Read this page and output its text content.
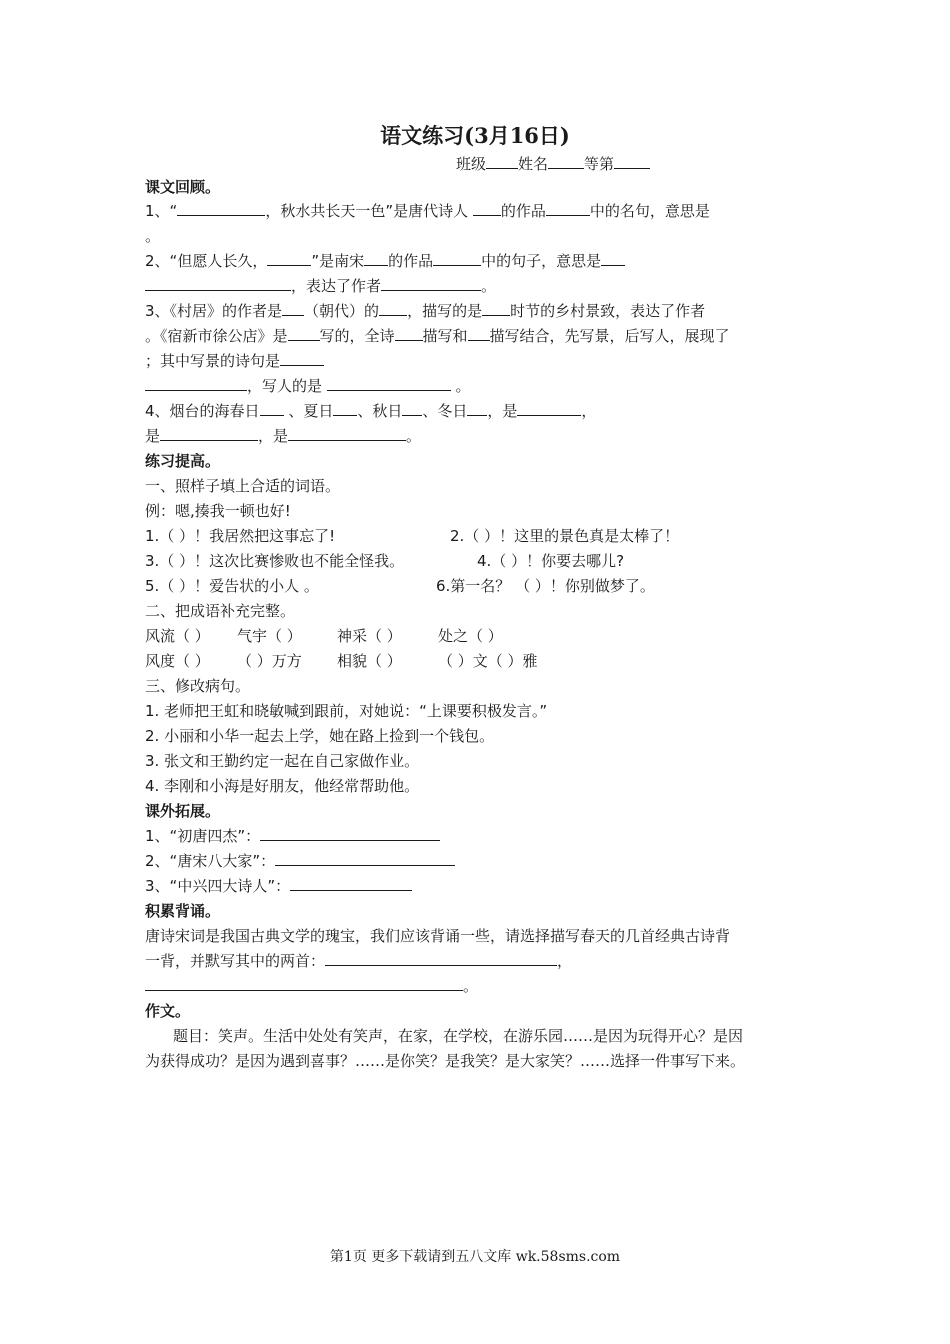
语文练习(3月16日)
班级 姓名 等第
课文回顾。
1、“	，秋水共长天一色”是唐代诗人 的作品	中的名句，意思是
。
2、“但愿人长久，	”是南宋 的作品	中的句子，意思是
，表达了作者	。
3、《村居》的作者是 （朝代）的 ，描写的是 时节的乡村景致，表达了作者
。《宿新市徐公店》是 写的，全诗 描写和 描写结合，先写景，后写人，展现了
；其中写景的诗句是
，写人的是	。
4、烟台的海春日 、夏日 、秋日 、冬日 ，是	，
是	，是	。
练习提高。
一、照样子填上合适的词语。
例：嗯,揍我一顿也好!
1.（ ）！我居然把这事忘了!	2.（ ）！这里的景色真是太棒了！
3.（ ）！这次比赛惨败也不能全怪我。	4.（ ）！你要去哪儿?
5.（ ）！爱告状的小人 。	6.第一名？ （ ）！你别做梦了。
二、把成语补充完整。
风流（ ） 气宇（ ） 神采（ ） 处之（ ）
风度（ ） （ ）万方 相貌（ ） （ ）文（ ）雅
三、修改病句。
1. 老师把王虹和晓敏喊到跟前，对她说：“上课要积极发言。”
2. 小丽和小华一起去上学，她在路上捡到一个钱包。
3. 张文和王勤约定一起在自己家做作业。
4. 李刚和小海是好朋友，他经常帮助他。
课外拓展。
1、“初唐四杰”：
2、“唐宋八大家”：
3、“中兴四大诗人”：
积累背诵。
唐诗宋词是我国古典文学的瑰宝，我们应该背诵一些，请选择描写春天的几首经典古诗背
一背，并默写其中的两首：	，
。
作文。
题目：笑声。生活中处处有笑声，在家，在学校，在游乐园……是因为玩得开心？是因
为获得成功？是因为遇到喜事？……是你笑？是我笑？是大家笑？……选择一件事写下来。
第1页 更多下载请到五八文库 wk.58sms.com
